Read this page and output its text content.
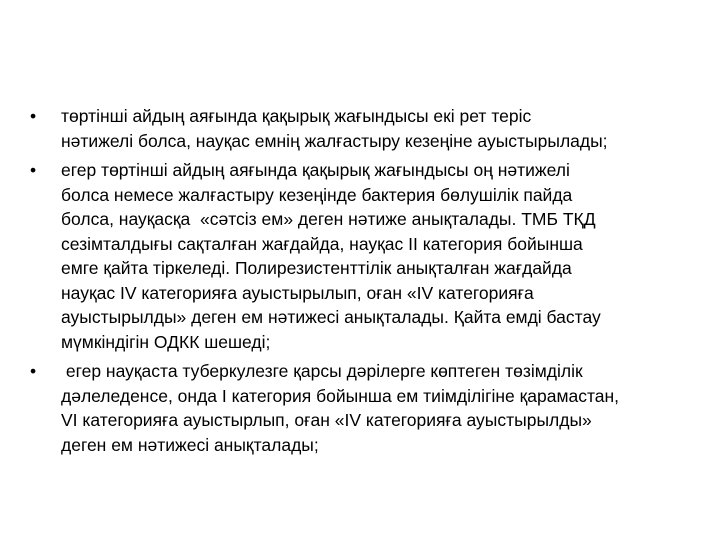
•	төртінші айдың аяғында қақырық жағындысы екі рет теріс
нәтижелі болса, науқас емнің жалғастыру кезеңіне ауыстырылады;
•	егер төртінші айдың аяғында қақырық жағындысы оң нәтижелі
болса немесе жалғастыру кезеңінде бактерия бөлушілік пайда
болса, науқасқа  «сәтсіз ем» деген нәтиже анықталады. ТМБ ТҚД
сезімталдығы сақталған жағдайда, науқас II категория бойынша
емге қайта тіркеледі. Полирезистенттілік анықталған жағдайда
науқас IV категорияға ауыстырылып, оған «IV категорияға
ауыстырылды» деген ем нәтижесі анықталады. Қайта емді бастау
мүмкіндігін ОДКК шешеді;
•	егер науқаста туберкулезге қарсы дәрілерге көптеген төзімділік
дәлеледенсе, онда I категория бойынша ем тиімділігіне қарамастан,
VI категорияға ауыстырлып, оған «IV категорияға ауыстырылды»
деген ем нәтижесі анықталады;
